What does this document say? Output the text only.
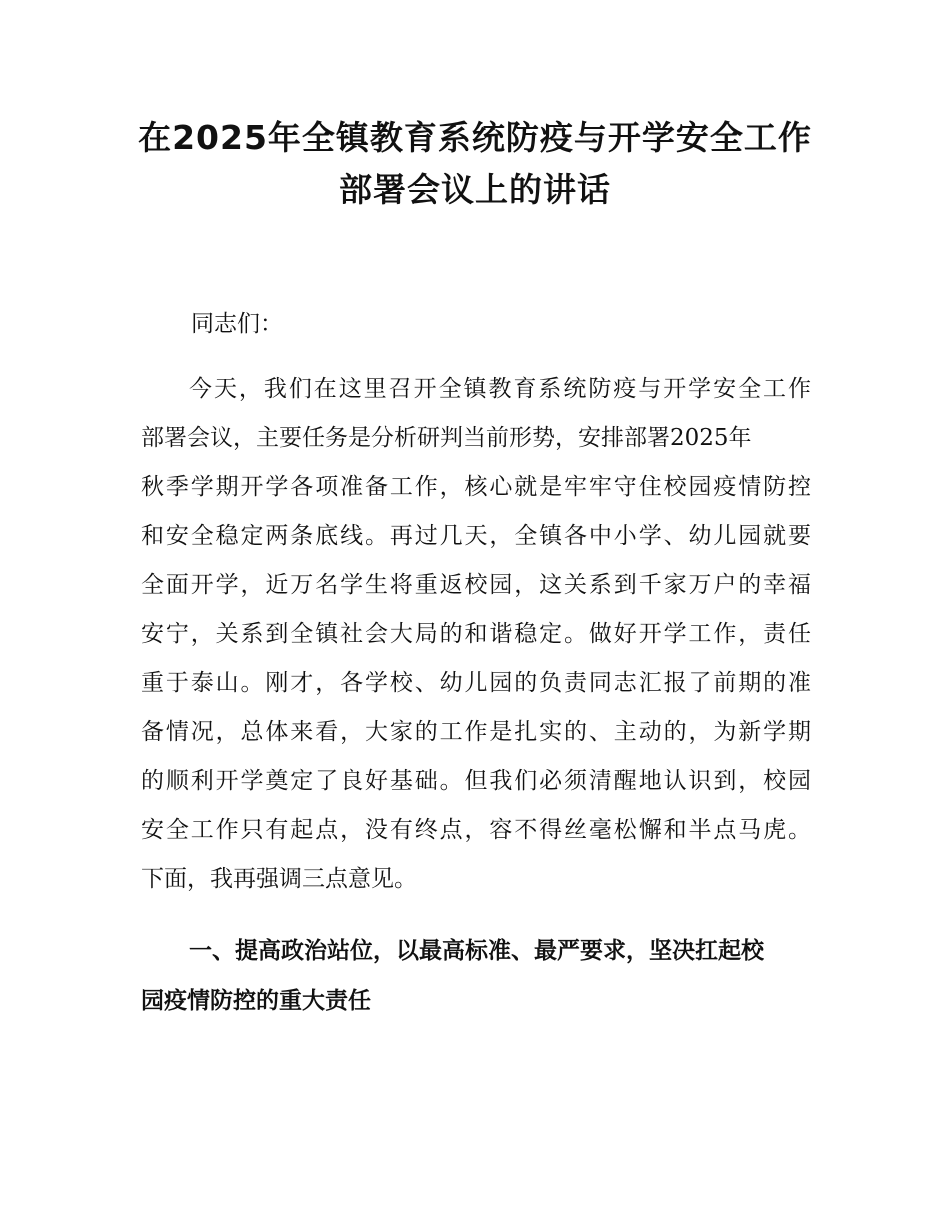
在2025年全镇教育系统防疫与开学安全工作
部署会议上的讲话
同志们：
今天，我们在这里召开全镇教育系统防疫与开学安全工作
部署会议，主要任务是分析研判当前形势，安排部署2025年
秋季学期开学各项准备工作，核心就是牢牢守住校园疫情防控
和安全稳定两条底线。再过几天，全镇各中小学、幼儿园就要
全面开学，近万名学生将重返校园，这关系到千家万户的幸福
安宁，关系到全镇社会大局的和谐稳定。做好开学工作，责任
重于泰山。刚才，各学校、幼儿园的负责同志汇报了前期的准
备情况，总体来看，大家的工作是扎实的、主动的，为新学期
的顺利开学奠定了良好基础。但我们必须清醒地认识到，校园
安全工作只有起点，没有终点，容不得丝毫松懈和半点马虎。
下面，我再强调三点意见。
一、提高政治站位，以最高标准、最严要求，坚决扛起校
园疫情防控的重大责任
